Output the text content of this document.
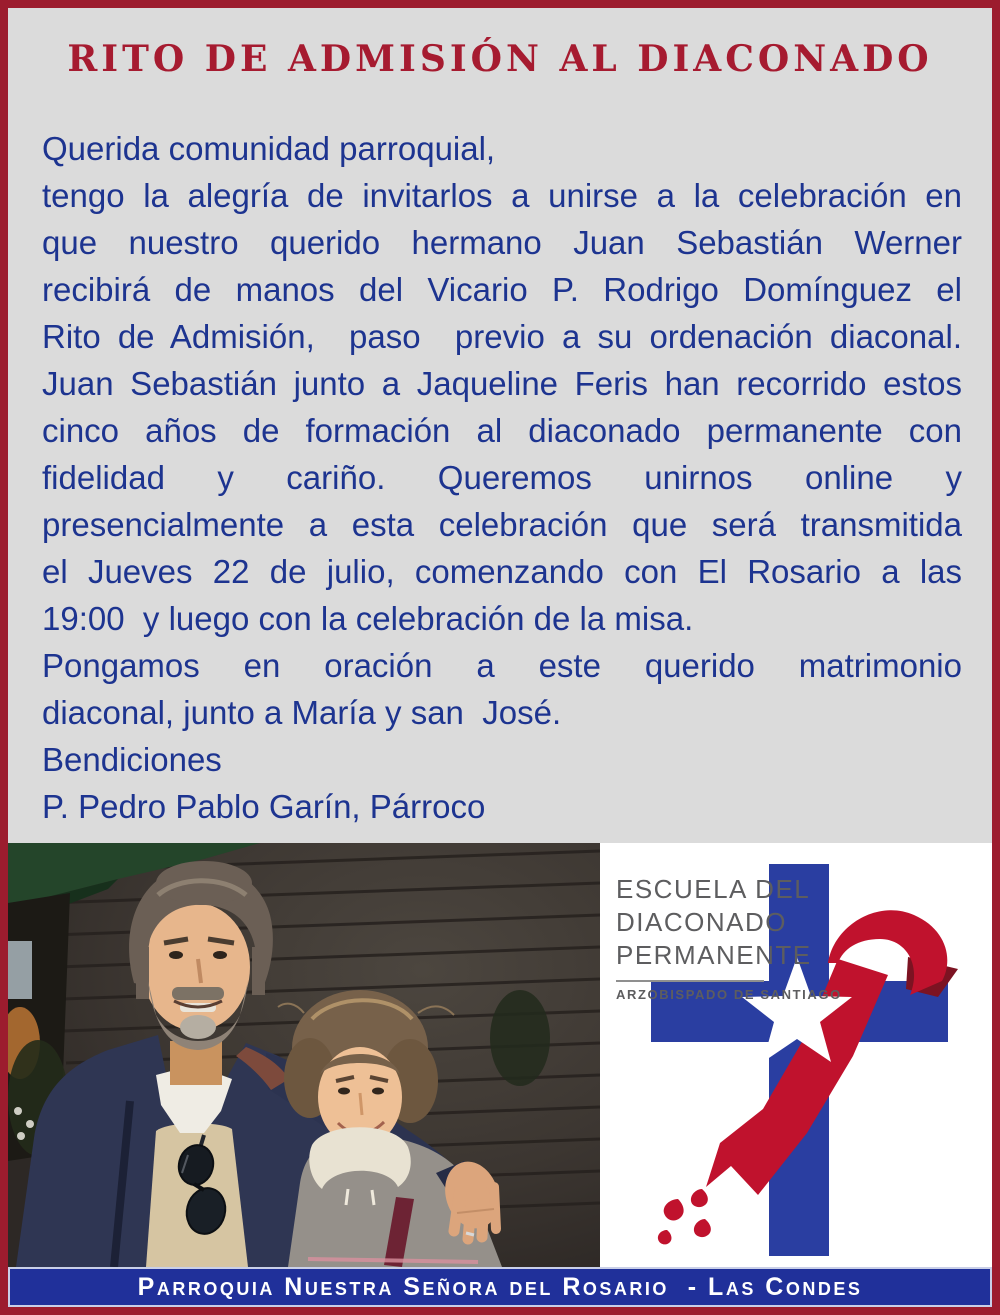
RITO DE ADMISIÓN AL DIACONADO
Querida comunidad parroquial,
tengo la alegría de invitarlos a unirse a la celebración en
que nuestro querido hermano Juan Sebastián Werner
recibirá de manos del Vicario P. Rodrigo Domínguez el
Rito de Admisión,  paso  previo a su ordenación diaconal.
Juan Sebastián junto a Jaqueline Feris han recorrido estos
cinco años de formación al diaconado permanente con
fidelidad y cariño. Queremos unirnos online y
presencialmente a esta celebración que será transmitida
el Jueves 22 de julio, comenzando con El Rosario a las
19:00  y luego con la celebración de la misa.
Pongamos en oración a este querido matrimonio
diaconal, junto a María y san  José.
Bendiciones
P. Pedro Pablo Garín, Párroco
ESCUELA DEL
DIACONADO
PERMANENTE
ARZOBISPADO DE SANTIAGO
Parroquia Nuestra Señora del Rosario  - Las Condes
